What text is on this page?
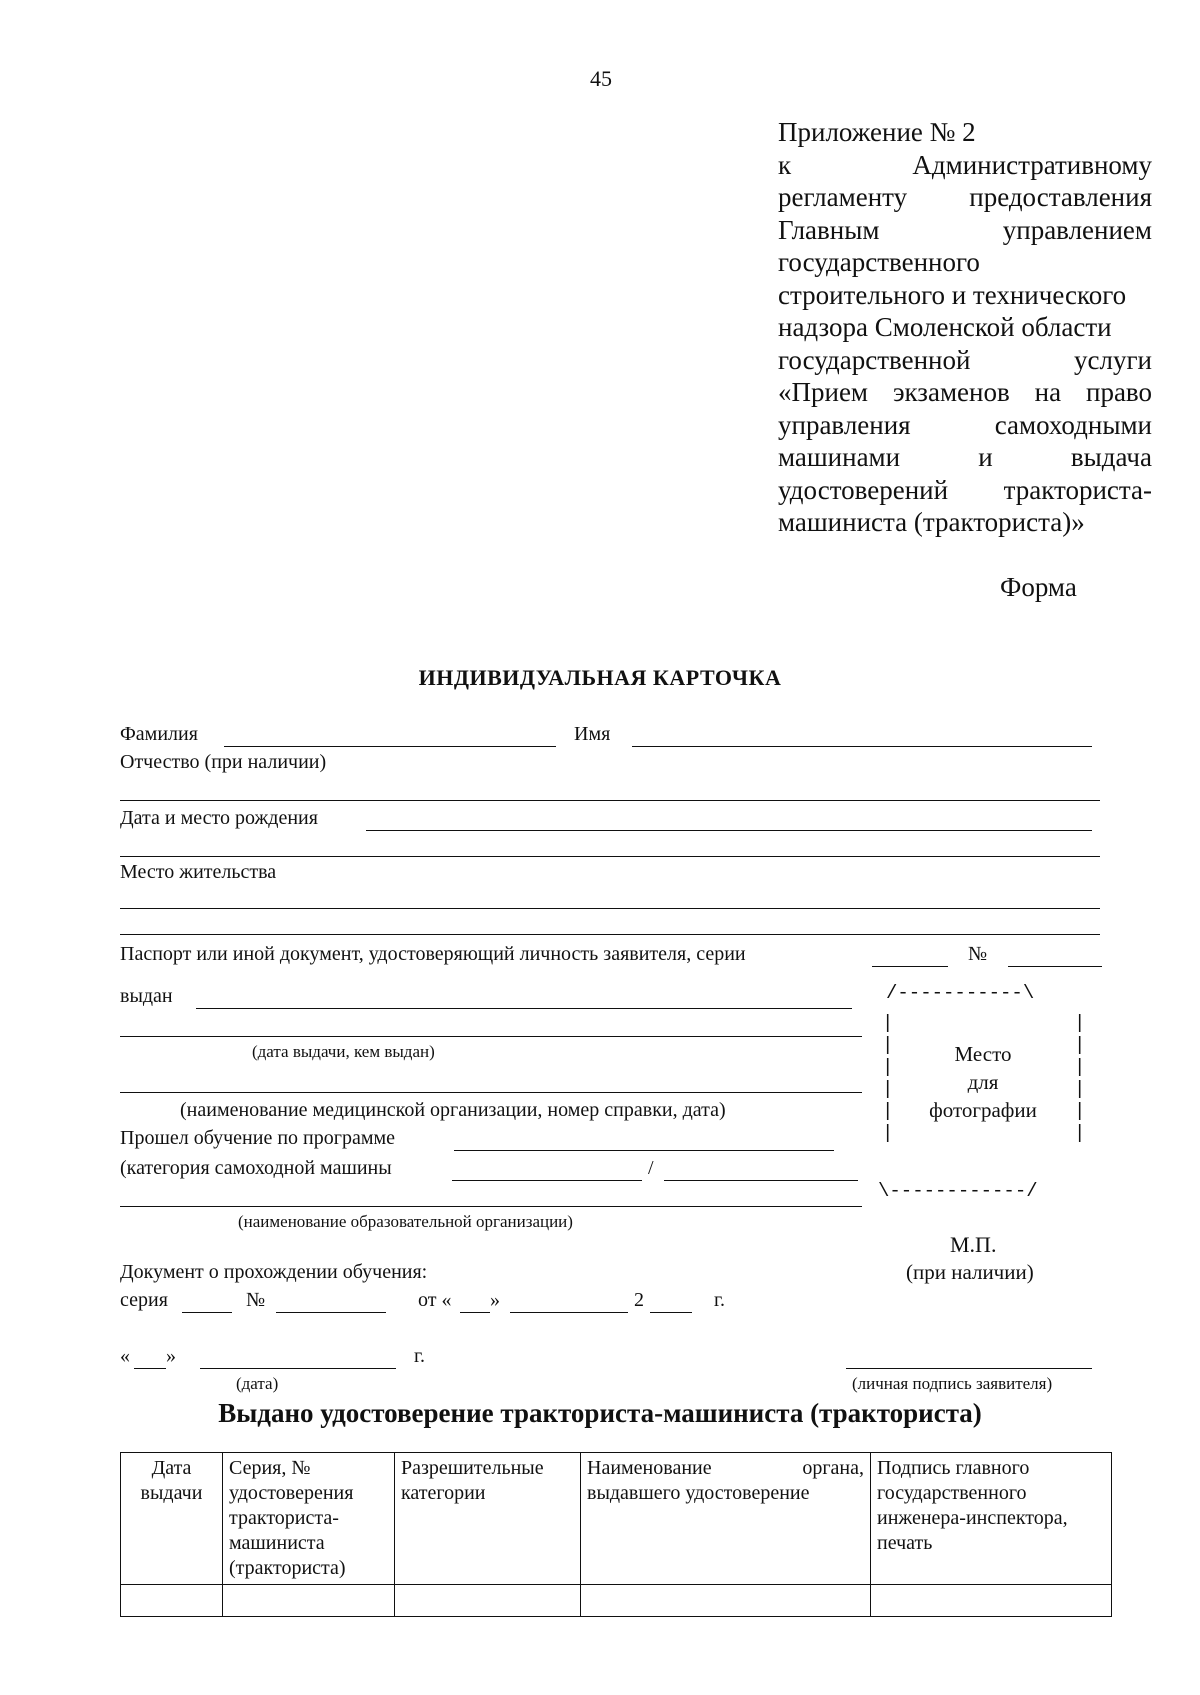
45
Приложение № 2
к Административному
регламенту предоставления
Главным управлением
государственного
строительного и технического
надзора Смоленской области
государственной услуги
«Прием экзаменов на право
управления самоходными
машинами и выдача
удостоверений тракториста-
машиниста (тракториста)»
Форма
ИНДИВИДУАЛЬНАЯ КАРТОЧКА
Фамилия	Имя
Отчество (при наличии)
Дата и место рождения
Место жительства
Паспорт или иной документ, удостоверяющий личность заявителя, серии	№
выдан
(дата выдачи, кем выдан)
(наименование медицинской организации, номер справки, дата)
Прошел обучение по программе
(категория самоходной машины	/
(наименование образовательной организации)
/-----------\
|
|
|
|
|
|
|
|
|
|
|
|
Место
для
фотографии
\------------/
М.П.
(при наличии)
Документ о прохождении обучения:
серия	№	от « »	2	г.
« »	г.
(дата)	(личная подпись заявителя)
Выдано удостоверение тракториста-машиниста (тракториста)
Дата выдачи	Серия, № удостоверения тракториста-машиниста (тракториста)	Разрешительные категории	Наименование органа, выдавшего удостоверение	Подпись главного государственного инженера-инспектора, печать
